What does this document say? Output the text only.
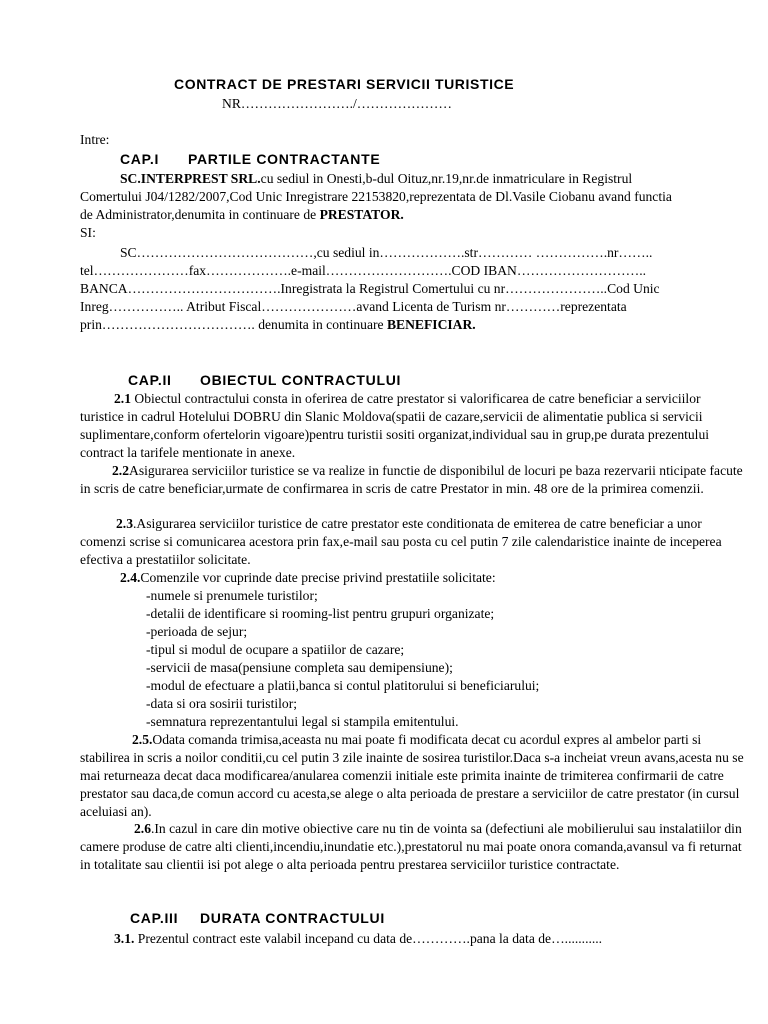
CONTRACT DE PRESTARI SERVICII TURISTICE
NR……………………./…………………
Intre:
CAP.I PARTILE CONTRACTANTE
SC.INTERPREST SRL.cu sediul in Onesti,b-dul Oituz,nr.19,nr.de inmatriculare in Registrul
Comertului J04/1282/2007,Cod Unic Inregistrare 22153820,reprezentata de Dl.Vasile Ciobanu avand functia
de Administrator,denumita in continuare de PRESTATOR.
SI:
SC…………………………………,cu sediul in……………….str………… …………….nr……..
tel…………………fax……………….e-mail……………………….COD IBAN………………………..
BANCA…………………………….Inregistrata la Registrul Comertului cu nr…………………..Cod Unic
Inreg…………….. Atribut Fiscal…………………avand Licenta de Turism nr…………reprezentata
prin……………………………. denumita in continuare BENEFICIAR.
CAP.II OBIECTUL CONTRACTULUI
2.1 Obiectul contractului consta in oferirea de catre prestator si valorificarea de catre beneficiar a serviciilor turistice in cadrul Hotelului DOBRU din Slanic Moldova(spatii de cazare,servicii de alimentatie publica si servicii suplimentare,conform ofertelorin vigoare)pentru turistii sositi organizat,individual sau in grup,pe durata prezentului contract la tarifele mentionate in anexe.
2.2Asigurarea serviciilor turistice se va realize in functie de disponibilul de locuri pe baza rezervarii nticipate facute in scris de catre beneficiar,urmate de confirmarea in scris de catre Prestator in min. 48 ore de la primirea comenzii.
2.3.Asigurarea serviciilor turistice de catre prestator este conditionata de emiterea de catre beneficiar a unor comenzi scrise si comunicarea acestora prin fax,e-mail sau posta cu cel putin 7 zile calendaristice inainte de inceperea efectiva a prestatiilor solicitate.
2.4.Comenzile vor cuprinde date precise privind prestatiile solicitate:
-numele si prenumele turistilor;
-detalii de identificare si rooming-list pentru grupuri organizate;
-perioada de sejur;
-tipul si modul de ocupare a spatiilor de cazare;
-servicii de masa(pensiune completa sau demipensiune);
-modul de efectuare a platii,banca si contul platitorului si beneficiarului;
-data si ora sosirii turistilor;
-semnatura reprezentantului legal si stampila emitentului.
2.5.Odata comanda trimisa,aceasta nu mai poate fi modificata decat cu acordul expres al ambelor parti si stabilirea in scris a noilor conditii,cu cel putin 3 zile inainte de sosirea turistilor.Daca s-a incheiat vreun avans,acesta nu se mai returneaza decat daca modificarea/anularea comenzii initiale este primita inainte de trimiterea confirmarii de catre prestator sau daca,de comun accord cu acesta,se alege o alta perioada de prestare a serviciilor de catre prestator (in cursul aceluiasi an).
2.6.In cazul in care din motive obiective care nu tin de vointa sa (defectiuni ale mobilierului sau instalatiilor din camere produse de catre alti clienti,incendiu,inundatie etc.),prestatorul nu mai poate onora comanda,avansul va fi returnat in totalitate sau clientii isi pot alege o alta perioada pentru prestarea serviciilor turistice contractate.
CAP.III DURATA CONTRACTULUI
3.1. Prezentul contract este valabil incepand cu data de………….pana la data de…...........
